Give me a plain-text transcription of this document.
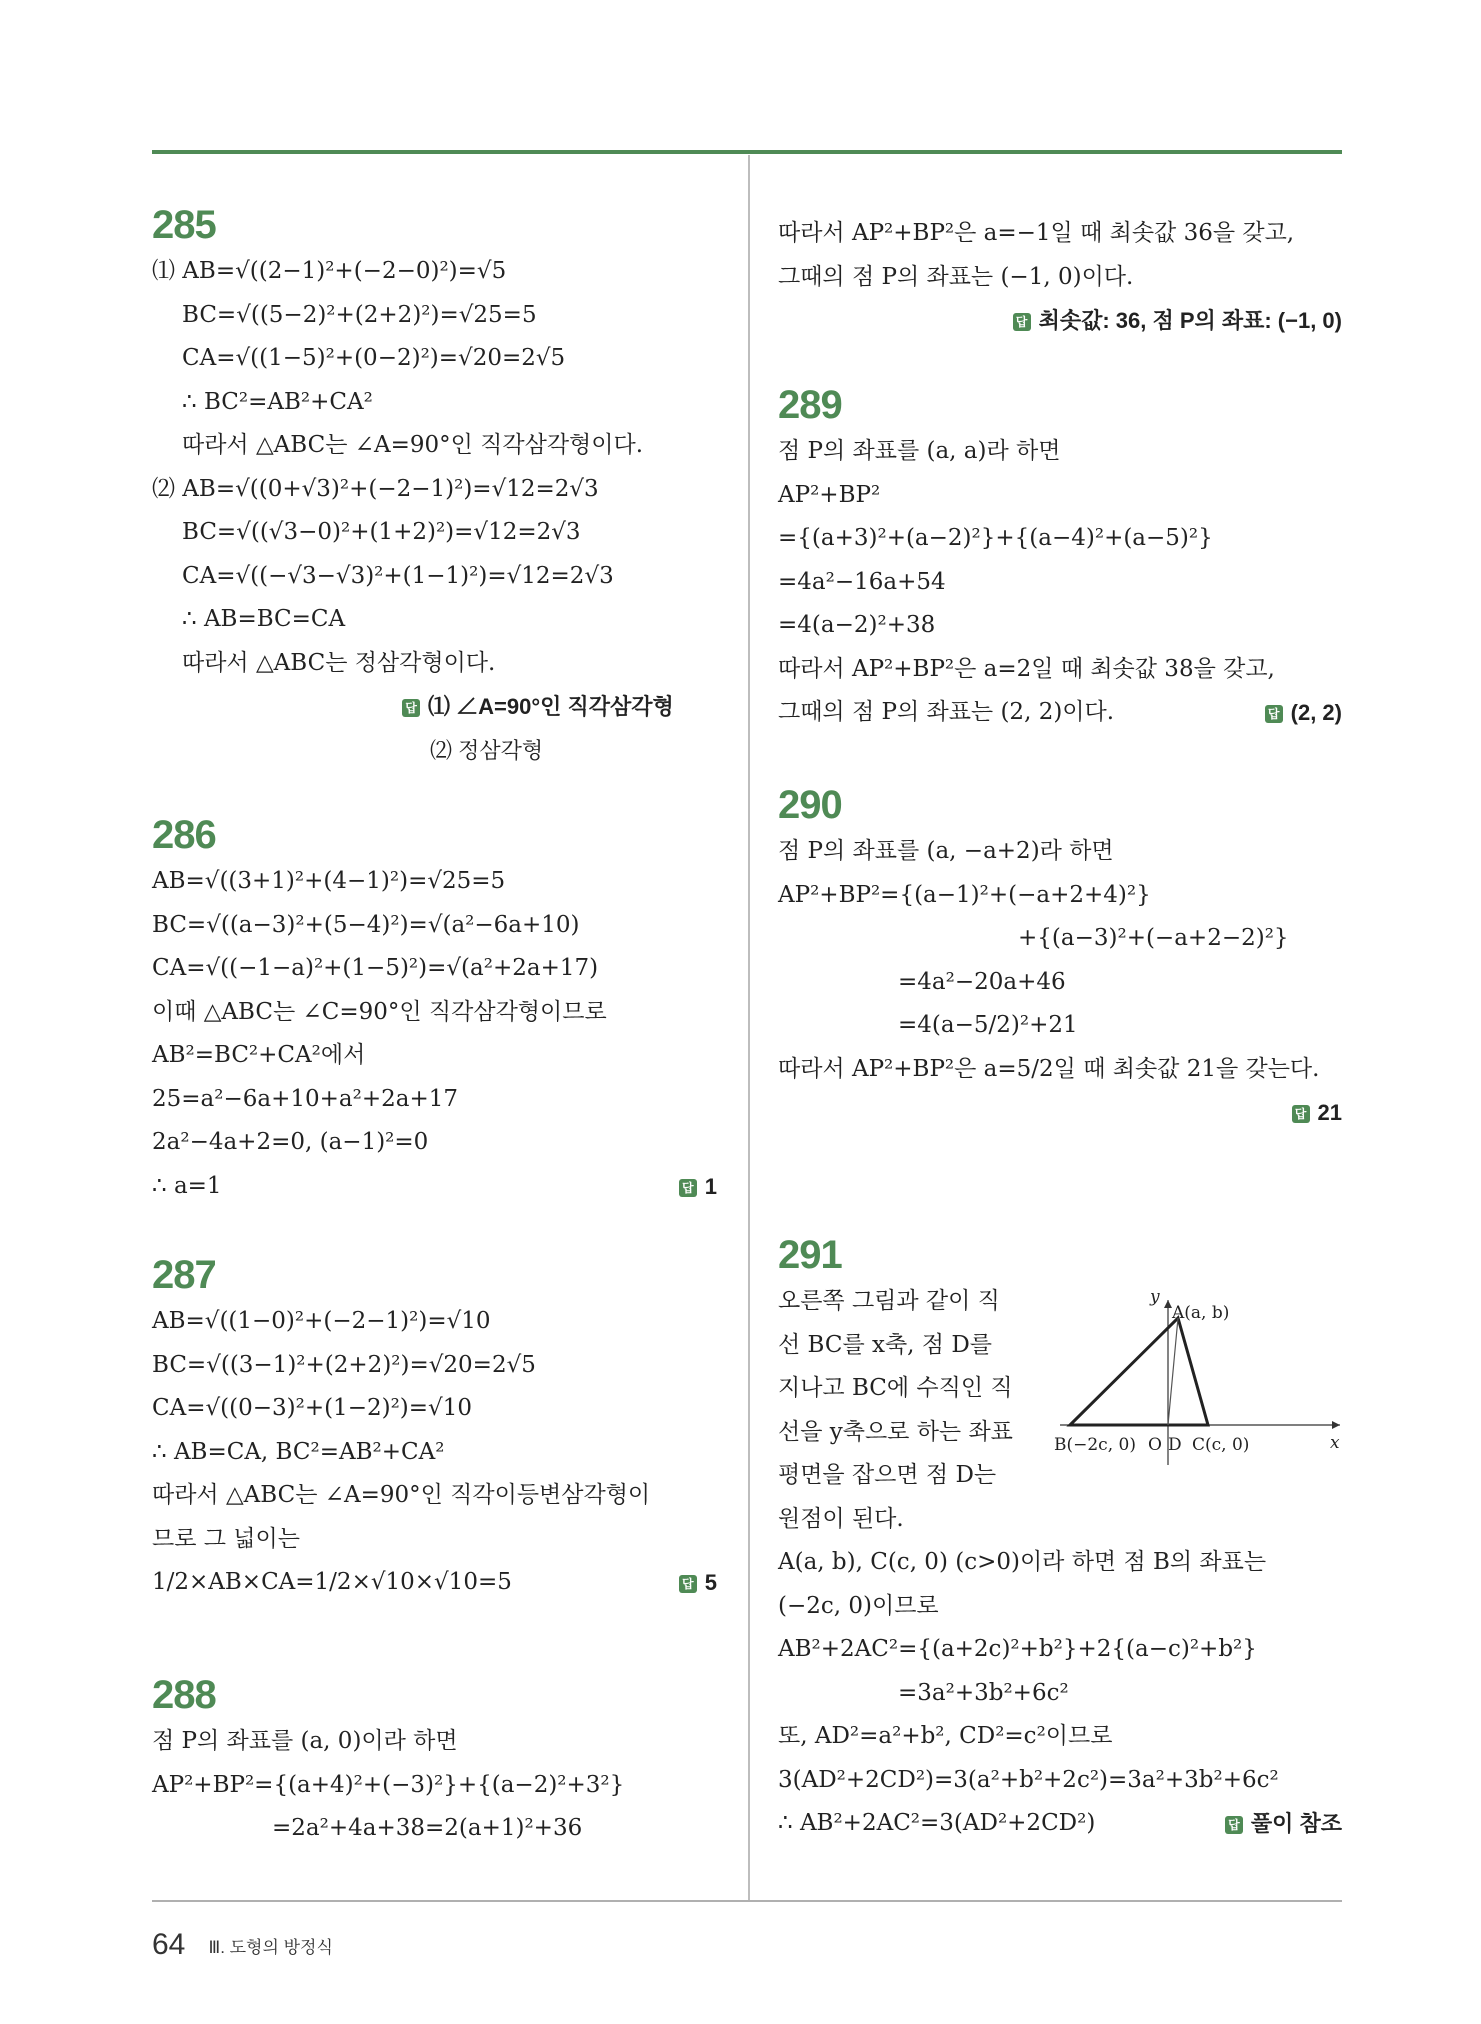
285
⑴ AB=√((2−1)²+(−2−0)²)=√5
BC=√((5−2)²+(2+2)²)=√25=5
CA=√((1−5)²+(0−2)²)=√20=2√5
∴ BC²=AB²+CA²
따라서 △ABC는 ∠A=90°인 직각삼각형이다.
⑵ AB=√((0+√3)²+(−2−1)²)=√12=2√3
BC=√((√3−0)²+(1+2)²)=√12=2√3
CA=√((−√3−√3)²+(1−1)²)=√12=2√3
∴ AB=BC=CA
따라서 △ABC는 정삼각형이다.
답 ⑴ ∠A=90°인 직각삼각형
⑵ 정삼각형
286
AB=√((3+1)²+(4−1)²)=√25=5
BC=√((a−3)²+(5−4)²)=√(a²−6a+10)
CA=√((−1−a)²+(1−5)²)=√(a²+2a+17)
이때 △ABC는 ∠C=90°인 직각삼각형이므로
AB²=BC²+CA²에서
25=a²−6a+10+a²+2a+17
2a²−4a+2=0, (a−1)²=0
∴ a=1	답 1
287
AB=√((1−0)²+(−2−1)²)=√10
BC=√((3−1)²+(2+2)²)=√20=2√5
CA=√((0−3)²+(1−2)²)=√10
∴ AB=CA, BC²=AB²+CA²
따라서 △ABC는 ∠A=90°인 직각이등변삼각형이
므로 그 넓이는
1/2×AB×CA=1/2×√10×√10=5	답 5
288
점 P의 좌표를 (a, 0)이라 하면
AP²+BP²={(a+4)²+(−3)²}+{(a−2)²+3²}
=2a²+4a+38=2(a+1)²+36
따라서 AP²+BP²은 a=−1일 때 최솟값 36을 갖고,
그때의 점 P의 좌표는 (−1, 0)이다.
답 최솟값: 36, 점 P의 좌표: (−1, 0)
289
점 P의 좌표를 (a, a)라 하면
AP²+BP²
={(a+3)²+(a−2)²}+{(a−4)²+(a−5)²}
=4a²−16a+54
=4(a−2)²+38
따라서 AP²+BP²은 a=2일 때 최솟값 38을 갖고,
그때의 점 P의 좌표는 (2, 2)이다.	답 (2, 2)
290
점 P의 좌표를 (a, −a+2)라 하면
AP²+BP²={(a−1)²+(−a+2+4)²}
+{(a−3)²+(−a+2−2)²}
=4a²−20a+46
=4(a−5/2)²+21
따라서 AP²+BP²은 a=5/2일 때 최솟값 21을 갖는다.
답 21
291
오른쪽 그림과 같이 직
선 BC를 x축, 점 D를
지나고 BC에 수직인 직
선을 y축으로 하는 좌표
평면을 잡으면 점 D는
원점이 된다.
A(a, b)
B(−2c, 0) O D C(c, 0)	x
y
A(a, b), C(c, 0) (c>0)이라 하면 점 B의 좌표는
(−2c, 0)이므로
AB²+2AC²={(a+2c)²+b²}+2{(a−c)²+b²}
=3a²+3b²+6c²
또, AD²=a²+b², CD²=c²이므로
3(AD²+2CD²)=3(a²+b²+2c²)=3a²+3b²+6c²
∴ AB²+2AC²=3(AD²+2CD²)	답 풀이 참조
64 Ⅲ. 도형의 방정식
